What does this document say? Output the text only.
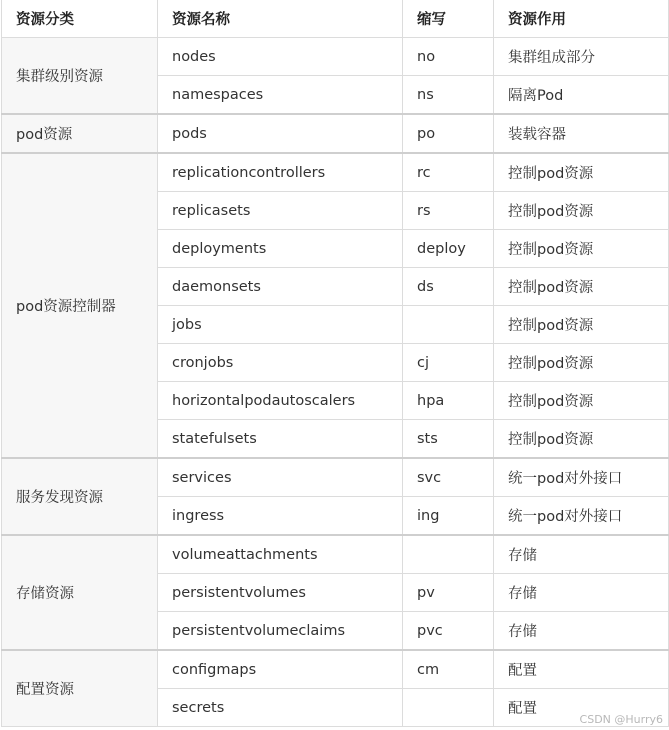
资源分类	资源名称	缩写	资源作用
集群级别资源	nodes	no	集群组成部分
	namespaces	ns	隔离Pod
pod资源	pods	po	装载容器
pod资源控制器	replicationcontrollers	rc	控制pod资源
	replicasets	rs	控制pod资源
	deployments	deploy	控制pod资源
	daemonsets	ds	控制pod资源
	jobs		控制pod资源
	cronjobs	cj	控制pod资源
	horizontalpodautoscalers	hpa	控制pod资源
	statefulsets	sts	控制pod资源
服务发现资源	services	svc	统一pod对外接口
	ingress	ing	统一pod对外接口
存储资源	volumeattachments		存储
	persistentvolumes	pv	存储
	persistentvolumeclaims	pvc	存储
配置资源	configmaps	cm	配置
	secrets		配置
CSDN @Hurry6
